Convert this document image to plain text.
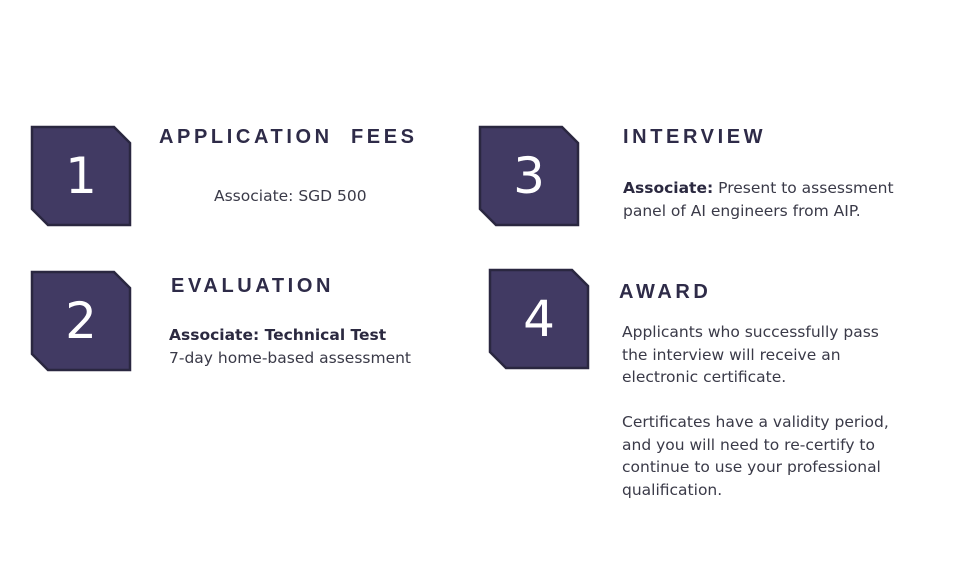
1
APPLICATION  FEES
Associate: SGD 500
2
EVALUATION
Associate: Technical Test
7-day home-based assessment
3
INTERVIEW
Associate: Present to assessment panel of AI engineers from AIP.
4	AWARD
Applicants who successfully pass the interview will receive an electronic certificate.
Certificates have a validity period, and you will need to re-certify to continue to use your professional qualification.
